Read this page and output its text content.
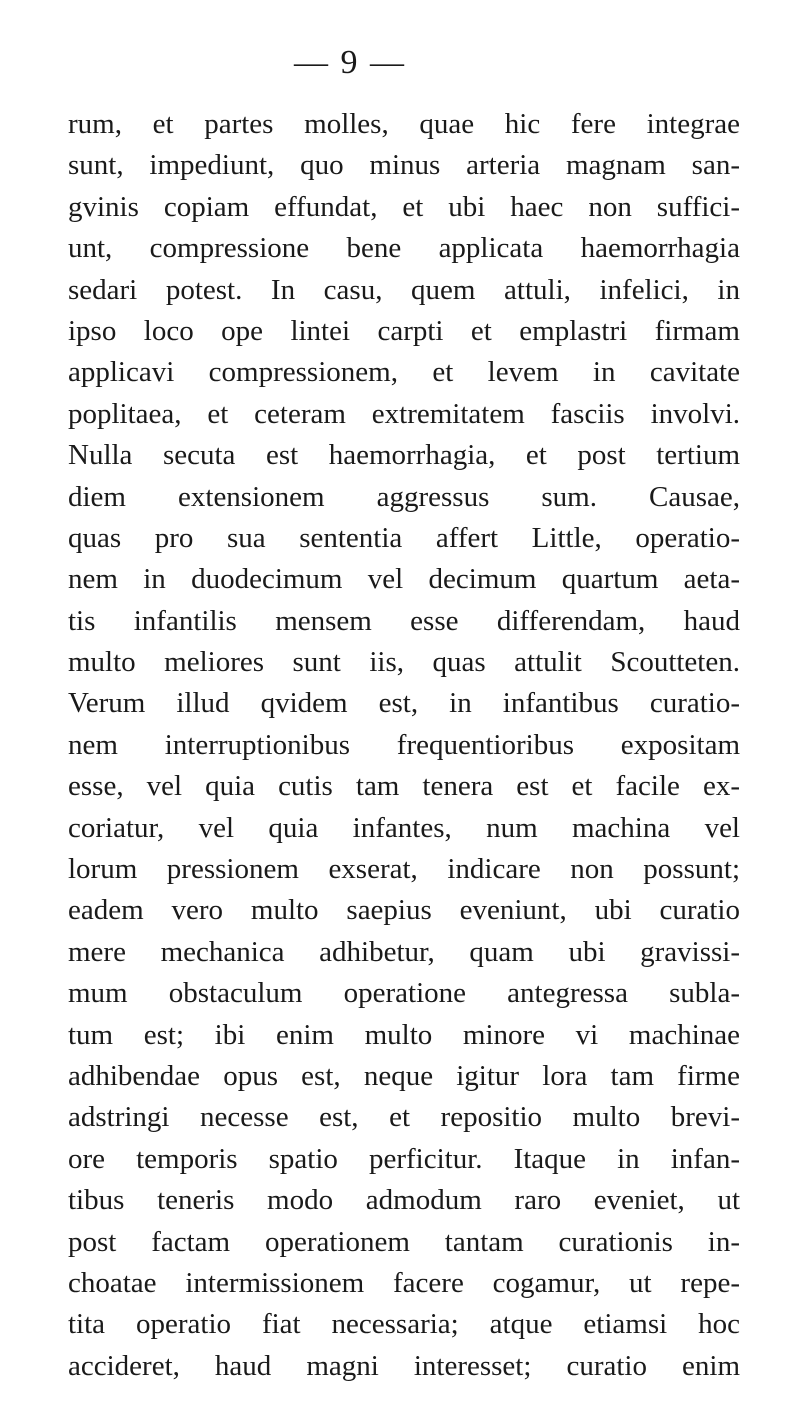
— 9 —
rum, et partes molles, quae hic fere integrae
sunt, impediunt, quo minus arteria magnam san-
gvinis copiam effundat, et ubi haec non suffici-
unt, compressione bene applicata haemorrhagia
sedari potest. In casu, quem attuli, infelici, in
ipso loco ope lintei carpti et emplastri firmam
applicavi compressionem, et levem in cavitate
poplitaea, et ceteram extremitatem fasciis involvi.
Nulla secuta est haemorrhagia, et post tertium
diem extensionem aggressus sum. Causae,
quas pro sua sententia affert Little, operatio-
nem in duodecimum vel decimum quartum aeta-
tis infantilis mensem esse differendam, haud
multo meliores sunt iis, quas attulit Scoutteten.
Verum illud qvidem est, in infantibus curatio-
nem interruptionibus frequentioribus expositam
esse, vel quia cutis tam tenera est et facile ex-
coriatur, vel quia infantes, num machina vel
lorum pressionem exserat, indicare non possunt;
eadem vero multo saepius eveniunt, ubi curatio
mere mechanica adhibetur, quam ubi gravissi-
mum obstaculum operatione antegressa subla-
tum est; ibi enim multo minore vi machinae
adhibendae opus est, neque igitur lora tam firme
adstringi necesse est, et repositio multo brevi-
ore temporis spatio perficitur. Itaque in infan-
tibus teneris modo admodum raro eveniet, ut
post factam operationem tantam curationis in-
choatae intermissionem facere cogamur, ut repe-
tita operatio fiat necessaria; atque etiamsi hoc
accideret, haud magni interesset; curatio enim
